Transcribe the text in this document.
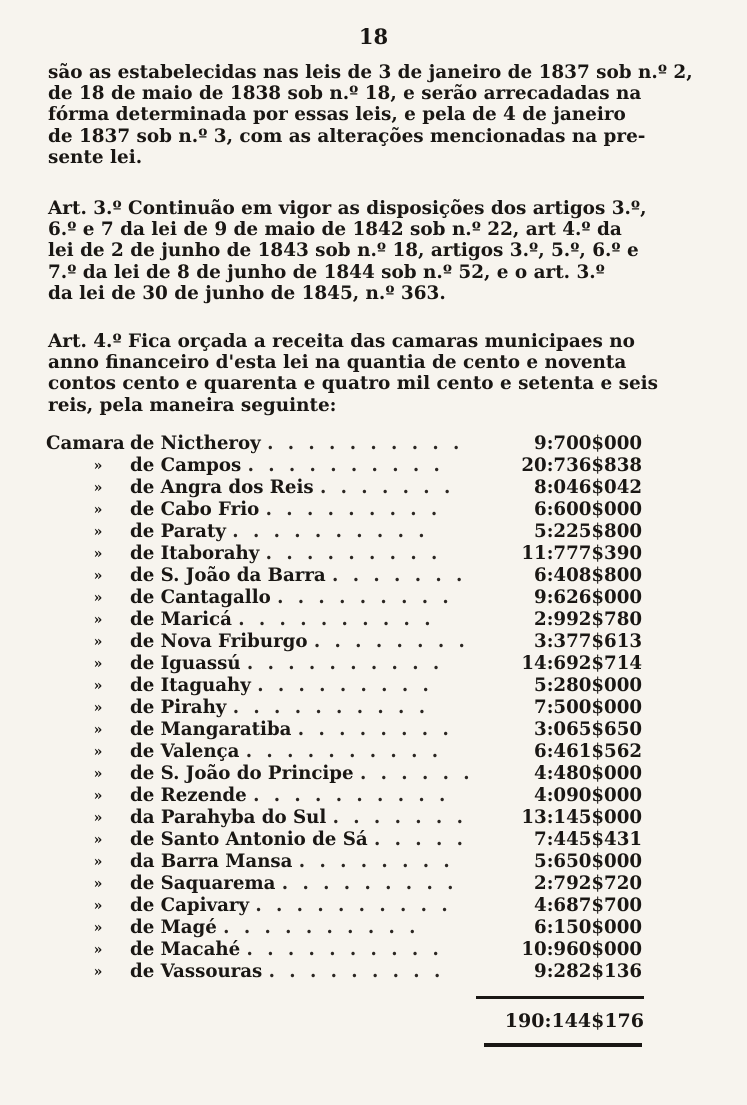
18
são as estabelecidas nas leis de 3 de janeiro de 1837 sob n.º 2,
de 18 de maio de 1838 sob n.º 18, e serão arrecadadas na
fórma determinada por essas leis, e pela de 4 de janeiro
de 1837 sob n.º 3, com as alterações mencionadas na pre-
sente lei.
Art. 3.º Continuão em vigor as disposições dos artigos 3.º,
6.º e 7 da lei de 9 de maio de 1842 sob n.º 22, art 4.º da
lei de 2 de junho de 1843 sob n.º 18, artigos 3.º, 5.º, 6.º e
7.º da lei de 8 de junho de 1844 sob n.º 52, e o art. 3.º
da lei de 30 de junho de 1845, n.º 363.
Art. 4.º Fica orçada a receita das camaras municipaes no
anno financeiro d'esta lei na quantia de cento e noventa
contos cento e quarenta e quatro mil cento e setenta e seis
reis, pela maneira seguinte:
Camara de Nictheroy . . . . . . . . . .	9:700$000
» de Campos . . . . . . . . . .	20:736$838
» de Angra dos Reis . . . . . . .	8:046$042
» de Cabo Frio . . . . . . . . .	6:600$000
» de Paraty . . . . . . . . . .	5:225$800
» de Itaborahy . . . . . . . . .	11:777$390
» de S. João da Barra . . . . . . .	6:408$800
» de Cantagallo . . . . . . . . .	9:626$000
» de Maricá . . . . . . . . . .	2:992$780
» de Nova Friburgo . . . . . . . .	3:377$613
» de Iguassú . . . . . . . . . .	14:692$714
» de Itaguahy . . . . . . . . .	5:280$000
» de Pirahy . . . . . . . . . .	7:500$000
» de Mangaratiba . . . . . . . .	3:065$650
» de Valença . . . . . . . . . .	6:461$562
» de S. João do Principe . . . . . .	4:480$000
» de Rezende . . . . . . . . . .	4:090$000
» da Parahyba do Sul . . . . . . .	13:145$000
» de Santo Antonio de Sá . . . . .	7:445$431
» da Barra Mansa . . . . . . . .	5:650$000
» de Saquarema . . . . . . . . .	2:792$720
» de Capivary . . . . . . . . . .	4:687$700
» de Magé . . . . . . . . . .	6:150$000
» de Macahé . . . . . . . . . .	10:960$000
» de Vassouras . . . . . . . . .	9:282$136
190:144$176
